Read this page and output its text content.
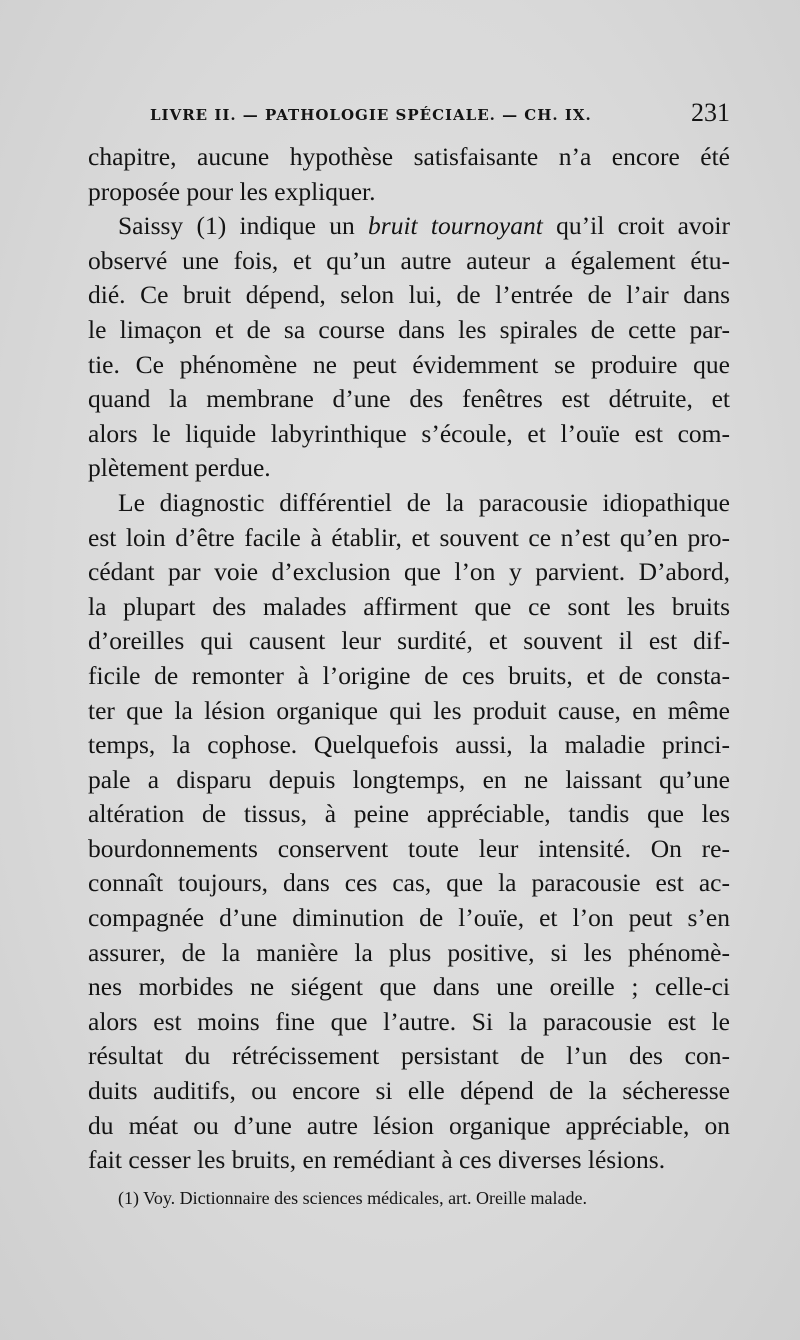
LIVRE II. — PATHOLOGIE SPÉCIALE. — CH. IX.	231
chapitre, aucune hypothèse satisfaisante n’a encore été
proposée pour les expliquer.
Saissy (1) indique un bruit tournoyant qu’il croit avoir
observé une fois, et qu’un autre auteur a également étu-
dié. Ce bruit dépend, selon lui, de l’entrée de l’air dans
le limaçon et de sa course dans les spirales de cette par-
tie. Ce phénomène ne peut évidemment se produire que
quand la membrane d’une des fenêtres est détruite, et
alors le liquide labyrinthique s’écoule, et l’ouïe est com-
plètement perdue.
Le diagnostic différentiel de la paracousie idiopathique
est loin d’être facile à établir, et souvent ce n’est qu’en pro-
cédant par voie d’exclusion que l’on y parvient. D’abord,
la plupart des malades affirment que ce sont les bruits
d’oreilles qui causent leur surdité, et souvent il est dif-
ficile de remonter à l’origine de ces bruits, et de consta-
ter que la lésion organique qui les produit cause, en même
temps, la cophose. Quelquefois aussi, la maladie princi-
pale a disparu depuis longtemps, en ne laissant qu’une
altération de tissus, à peine appréciable, tandis que les
bourdonnements conservent toute leur intensité. On re-
connaît toujours, dans ces cas, que la paracousie est ac-
compagnée d’une diminution de l’ouïe, et l’on peut s’en
assurer, de la manière la plus positive, si les phénomè-
nes morbides ne siégent que dans une oreille ; celle-ci
alors est moins fine que l’autre. Si la paracousie est le
résultat du rétrécissement persistant de l’un des con-
duits auditifs, ou encore si elle dépend de la sécheresse
du méat ou d’une autre lésion organique appréciable, on
fait cesser les bruits, en remédiant à ces diverses lésions.
(1) Voy. Dictionnaire des sciences médicales, art. Oreille malade.
